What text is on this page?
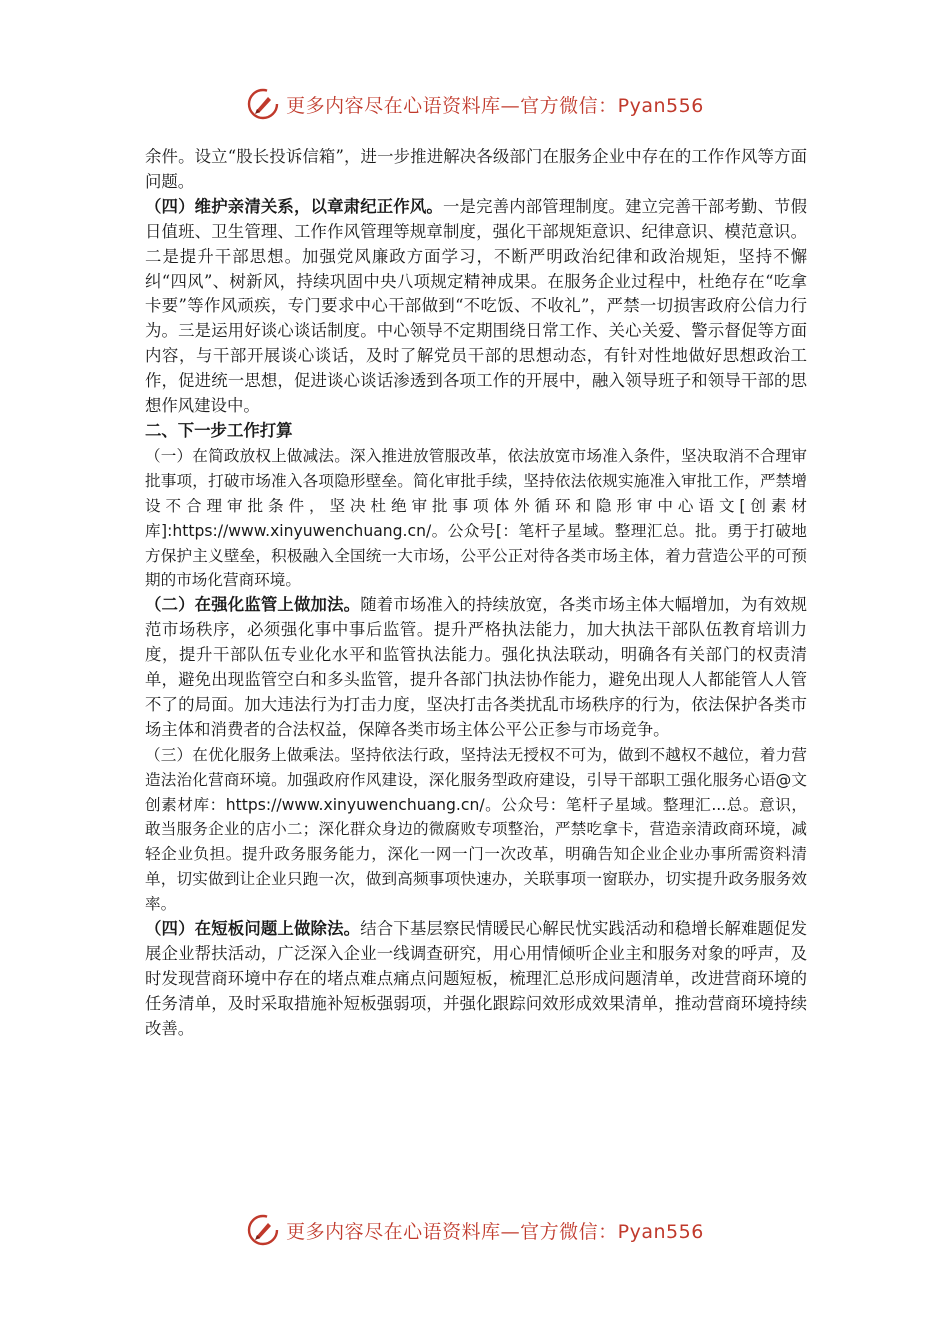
更多内容尽在心语资料库—官方微信：Pyan556

余件。设立“股长投诉信箱”，进一步推进解决各级部门在服务企业中存在的工作作风等方面问题。

（四）维护亲清关系，以章肃纪正作风。一是完善内部管理制度。建立完善干部考勤、节假日值班、卫生管理、工作作风管理等规章制度，强化干部规矩意识、纪律意识、模范意识。二是提升干部思想。加强党风廉政方面学习，不断严明政治纪律和政治规矩，坚持不懈纠“四风”、树新风，持续巩固中央八项规定精神成果。在服务企业过程中，杜绝存在“吃拿卡要”等作风顽疾，专门要求中心干部做到“不吃饭、不收礼”，严禁一切损害政府公信力行为。三是运用好谈心谈话制度。中心领导不定期围绕日常工作、关心关爱、警示督促等方面内容，与干部开展谈心谈话，及时了解党员干部的思想动态，有针对性地做好思想政治工作，促进统一思想，促进谈心谈话渗透到各项工作的开展中，融入领导班子和领导干部的思想作风建设中。

二、下一步工作打算

（一）在简政放权上做减法。深入推进放管服改革，依法放宽市场准入条件，坚决取消不合理审批事项，打破市场准入各项隐形壁垒。简化审批手续，坚持依法依规实施准入审批工作，严禁增设不合理审批条件，坚决杜绝审批事项体外循环和隐形审中心语文[创素材库]:https://www.xinyuwenchuang.cn/。公众号[：笔杆子星域。整理汇总。批。勇于打破地方保护主义壁垒，积极融入全国统一大市场，公平公正对待各类市场主体，着力营造公平的可预期的市场化营商环境。

（二）在强化监管上做加法。随着市场准入的持续放宽，各类市场主体大幅增加，为有效规范市场秩序，必须强化事中事后监管。提升严格执法能力，加大执法干部队伍教育培训力度，提升干部队伍专业化水平和监管执法能力。强化执法联动，明确各有关部门的权责清单，避免出现监管空白和多头监管，提升各部门执法协作能力，避免出现人人都能管人人管不了的局面。加大违法行为打击力度，坚决打击各类扰乱市场秩序的行为，依法保护各类市场主体和消费者的合法权益，保障各类市场主体公平公正参与市场竞争。

（三）在优化服务上做乘法。坚持依法行政，坚持法无授权不可为，做到不越权不越位，着力营造法治化营商环境。加强政府作风建设，深化服务型政府建设，引导干部职工强化服务心语@文创素材库：https://www.xinyuwenchuang.cn/。公众号：笔杆子星域。整理汇...总。意识，敢当服务企业的店小二；深化群众身边的微腐败专项整治，严禁吃拿卡，营造亲清政商环境，减轻企业负担。提升政务服务能力，深化一网一门一次改革，明确告知企业企业办事所需资料清单，切实做到让企业只跑一次，做到高频事项快速办，关联事项一窗联办，切实提升政务服务效率。

（四）在短板问题上做除法。结合下基层察民情暖民心解民忧实践活动和稳增长解难题促发展企业帮扶活动，广泛深入企业一线调查研究，用心用情倾听企业主和服务对象的呼声，及时发现营商环境中存在的堵点难点痛点问题短板，梳理汇总形成问题清单，改进营商环境的任务清单，及时采取措施补短板强弱项，并强化跟踪问效形成效果清单，推动营商环境持续改善。

更多内容尽在心语资料库—官方微信：Pyan556
